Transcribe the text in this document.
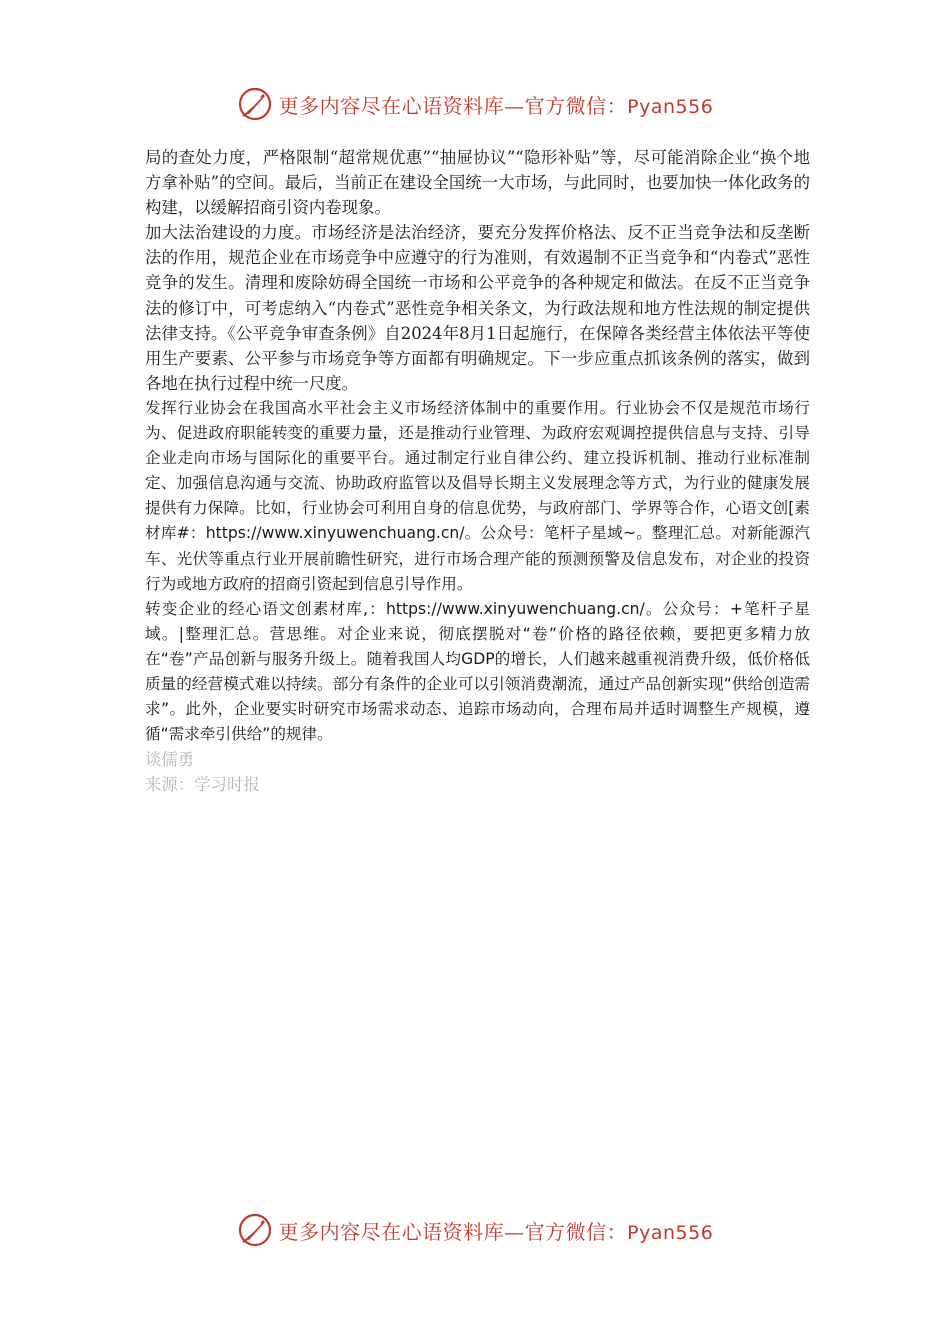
更多内容尽在心语资料库—官方微信：Pyan556

局的查处力度，严格限制“超常规优惠”“抽屉协议”“隐形补贴”等，尽可能消除企业“换个地方拿补贴”的空间。最后，当前正在建设全国统一大市场，与此同时，也要加快一体化政务的构建，以缓解招商引资内卷现象。

加大法治建设的力度。市场经济是法治经济，要充分发挥价格法、反不正当竞争法和反垄断法的作用，规范企业在市场竞争中应遵守的行为准则，有效遏制不正当竞争和“内卷式”恶性竞争的发生。清理和废除妨碍全国统一市场和公平竞争的各种规定和做法。在反不正当竞争法的修订中，可考虑纳入“内卷式”恶性竞争相关条文，为行政法规和地方性法规的制定提供法律支持。《公平竞争审查条例》自2024年8月1日起施行，在保障各类经营主体依法平等使用生产要素、公平参与市场竞争等方面都有明确规定。下一步应重点抓该条例的落实，做到各地在执行过程中统一尺度。

发挥行业协会在我国高水平社会主义市场经济体制中的重要作用。行业协会不仅是规范市场行为、促进政府职能转变的重要力量，还是推动行业管理、为政府宏观调控提供信息与支持、引导企业走向市场与国际化的重要平台。通过制定行业自律公约、建立投诉机制、推动行业标准制定、加强信息沟通与交流、协助政府监管以及倡导长期主义发展理念等方式，为行业的健康发展提供有力保障。比如，行业协会可利用自身的信息优势，与政府部门、学界等合作，心语文创[素材库#：https://www.xinyuwenchuang.cn/。公众号：笔杆子星域~。整理汇总。对新能源汽车、光伏等重点行业开展前瞻性研究，进行市场合理产能的预测预警及信息发布，对企业的投资行为或地方政府的招商引资起到信息引导作用。

转变企业的经心语文创素材库,：https://www.xinyuwenchuang.cn/。公众号：+笔杆子星域。|整理汇总。营思维。对企业来说，彻底摆脱对“卷”价格的路径依赖，要把更多精力放在“卷”产品创新与服务升级上。随着我国人均GDP的增长，人们越来越重视消费升级，低价格低质量的经营模式难以持续。部分有条件的企业可以引领消费潮流，通过产品创新实现“供给创造需求”。此外，企业要实时研究市场需求动态、追踪市场动向，合理布局并适时调整生产规模，遵循“需求牵引供给”的规律。

谈儒勇

来源：学习时报

更多内容尽在心语资料库—官方微信：Pyan556
